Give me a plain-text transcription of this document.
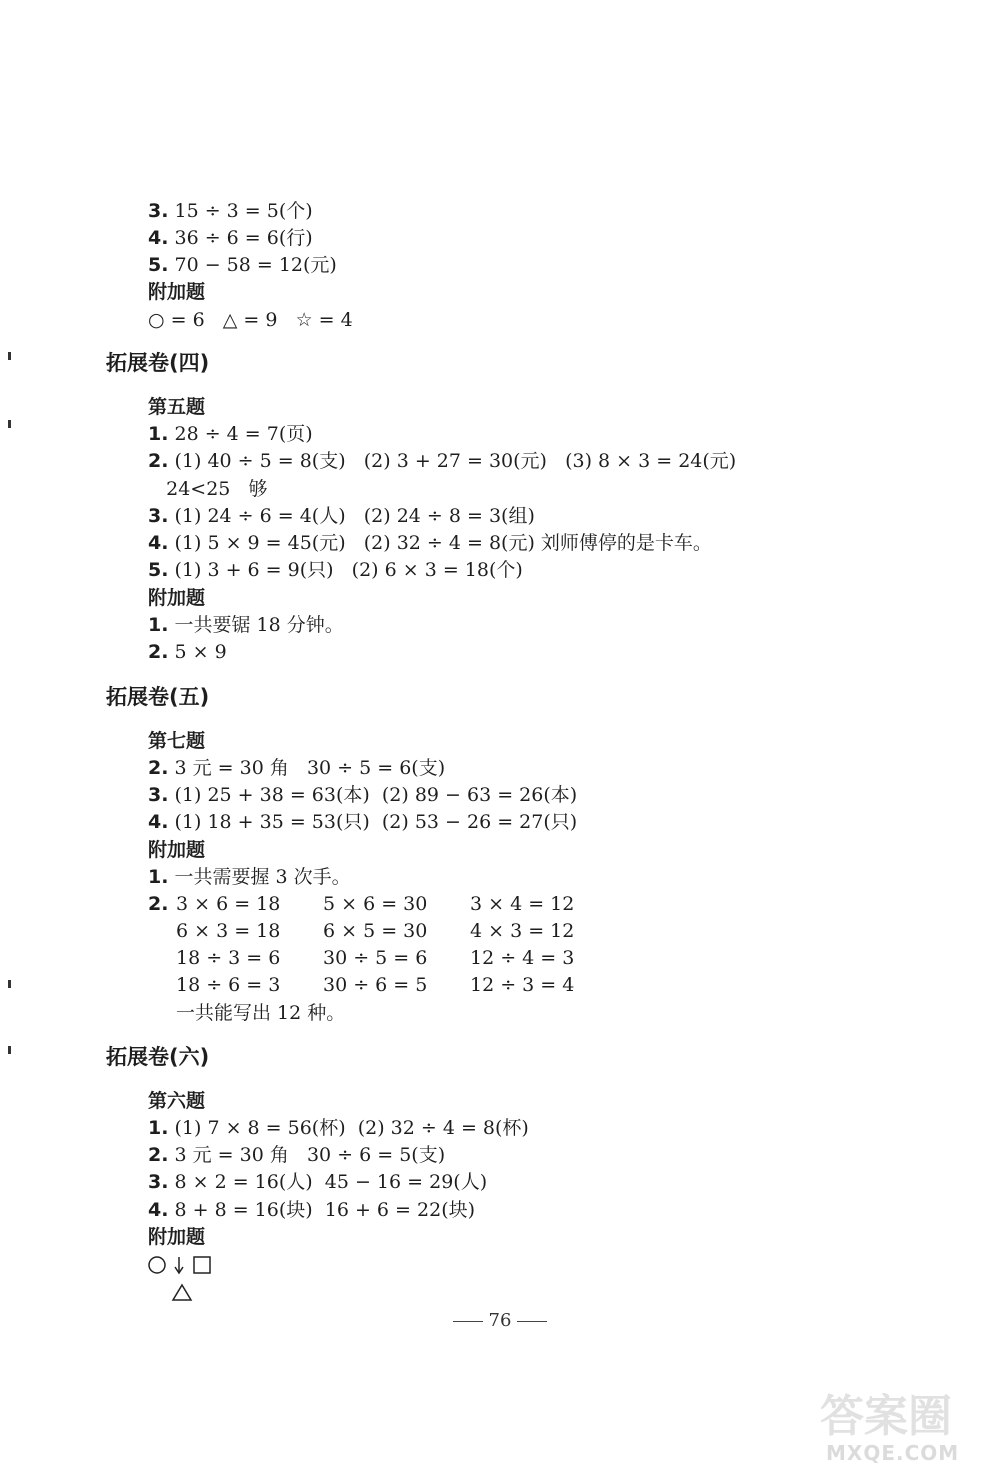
3. 15 ÷ 3 = 5(个)
4. 36 ÷ 6 = 6(行)
5. 70 − 58 = 12(元)
附加题
○ = 6   △ = 9   ☆ = 4
拓展卷(四)
第五题
1. 28 ÷ 4 = 7(页)
2. (1) 40 ÷ 5 = 8(支)   (2) 3 + 27 = 30(元)   (3) 8 × 3 = 24(元)
24<25   够
3. (1) 24 ÷ 6 = 4(人)   (2) 24 ÷ 8 = 3(组)
4. (1) 5 × 9 = 45(元)   (2) 32 ÷ 4 = 8(元) 刘师傅停的是卡车。
5. (1) 3 + 6 = 9(只)   (2) 6 × 3 = 18(个)
附加题
1. 一共要锯 18 分钟。
2. 5 × 9
拓展卷(五)
第七题
2. 3 元 = 30 角   30 ÷ 5 = 6(支)
3. (1) 25 + 38 = 63(本)  (2) 89 − 63 = 26(本)
4. (1) 18 + 35 = 53(只)  (2) 53 − 26 = 27(只)
附加题
1. 一共需要握 3 次手。
2. 3 × 6 = 18 5 × 6 = 30 3 × 4 = 12
6 × 3 = 18 6 × 5 = 30 4 × 3 = 12
18 ÷ 3 = 6 30 ÷ 5 = 6 12 ÷ 4 = 3
18 ÷ 6 = 3 30 ÷ 6 = 5 12 ÷ 3 = 4
一共能写出 12 种。
拓展卷(六)
第六题
1. (1) 7 × 8 = 56(杯)  (2) 32 ÷ 4 = 8(杯)
2. 3 元 = 30 角   30 ÷ 6 = 5(支)
3. 8 × 2 = 16(人)  45 − 16 = 29(人)
4. 8 + 8 = 16(块)  16 + 6 = 22(块)
附加题
76
答案圈
MXQE.COM
